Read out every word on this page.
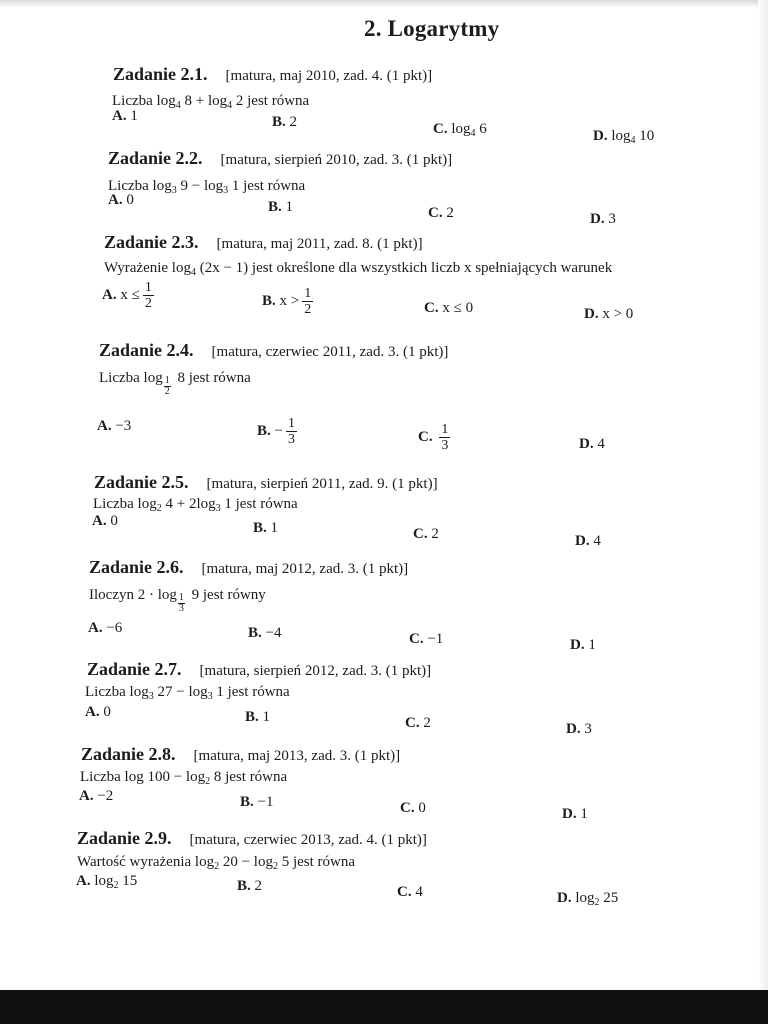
2. Logarytmy
Zadanie 2.1. [matura, maj 2010, zad. 4. (1 pkt)]
Liczba $\log_4 8 + \log_4 2$ jest równa
A. 1	B. 2	C. $\log_4 6$	D. $\log_4 10$
Zadanie 2.2. [matura, sierpień 2010, zad. 3. (1 pkt)]
Liczba $\log_3 9 - \log_3 1$ jest równa
A. 0	B. 1	C. 2	D. 3
Zadanie 2.3. [matura, maj 2011, zad. 8. (1 pkt)]
Wyrażenie $\log_4 (2x - 1)$ jest określone dla wszystkich liczb x spełniających warunek
A. $x \le \frac{1}{2}$	B. $x > \frac{1}{2}$	C. x ≤ 0	D. x > 0
Zadanie 2.4. [matura, czerwiec 2011, zad. 3. (1 pkt)]
Liczba $\log \frac{1}{2} 8$ jest równa
A. −3	B. − $\frac{1}{3}$	C. $\frac{1}{3}$	D. 4
Zadanie 2.5. [matura, sierpień 2011, zad. 9. (1 pkt)]
Liczba $\log_2 4 + 2\log_3$ 1 jest równa
A. 0	B. 1	C. 2	D. 4
Zadanie 2.6. [matura, maj 2012, zad. 3. (1 pkt)]
Iloczyn $2 \cdot \log \frac{1}{3} 9$ jest równy
A. −6	B. −4	C. −1	D. 1
Zadanie 2.7. [matura, sierpień 2012, zad. 3. (1 pkt)]
Liczba $\log_3 27 - \log_3 1$ jest równa
A. 0	B. 1	C. 2	D. 3
Zadanie 2.8. [matura, maj 2013, zad. 3. (1 pkt)]
Liczba $\log 100 - \log_2 8$ jest równa
A. −2	B. −1	C. 0	D. 1
Zadanie 2.9. [matura, czerwiec 2013, zad. 4. (1 pkt)]
Wartość wyrażenia $\log_2 20 - \log_2 5$ jest równa
A. $\log_2 15$	B. 2	C. 4	D. $\log_2 25$
